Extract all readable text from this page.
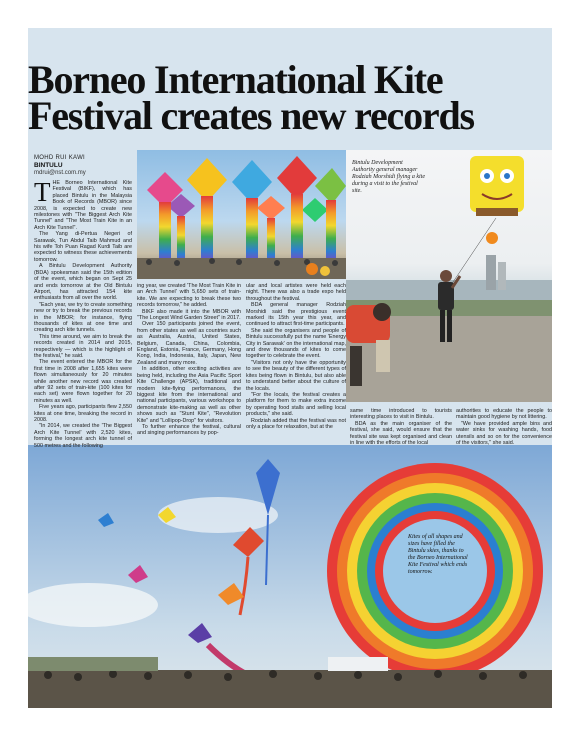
Borneo International Kite
Festival creates new records
MOHD RUI KAWI
BINTULU
mdrui@nst.com.my

THE Borneo International Kite Festival (BIKF), which has placed Bintulu in the Malaysia Book of Records (MBOR) since 2008, is expected to create new milestones with "The Biggest Arch Kite Tunnel" and "The Most Train Kite in an Arch Kite Tunnel".

The Yang di-Pertua Negeri of Sarawak, Tun Abdul Taib Mahmud and his wife Toh Puan Ragad Kurdi Taib are expected to witness these achievements tomorrow.

A Bintulu Development Authority (BDA) spokesman said the 15th edition of the event, which began on Sept 25 and ends tomorrow at the Old Bintulu Airport, has attracted 154 kite enthusiasts from all over the world.

"Each year, we try to create something new or try to break the previous records in the MBOR; for instance, flying thousands of kites at one time and creating arch kite tunnels.

This time around, we aim to break the records created in 2014 and 2015, respectively — which is the highlight of the festival," he said.

The event entered the MBOR for the first time in 2008 after 1,655 kites were flown simultaneously for 20 minutes while another new record was created after 92 sets of train-kite (100 kites for each set) were flown together for 20 minutes as well.

Five years ago, participants flew 2,550 kites at one time, breaking the record in 2008.

"In 2014, we created the 'The Biggest Arch Kite Tunnel' with 2,520 kites, forming the longest arch kite tunnel of 500 metres and the following

ing year, we created 'The Most Train Kite in an Arch Tunnel' with 5,650 sets of train-kite. We are expecting to break these two records tomorrow," he added.

BIKF also made it into the MBOR with "The Longest Wind Garden Street" in 2017.

Over 150 participants joined the event, from other states as well as countries such as Australia, Austria, United States, Belgium, Canada, China, Colombia, England, Estonia, France, Germany, Hong Kong, India, Indonesia, Italy, Japan, New Zealand and many more.

In addition, other exciting activities are being held, including the Asia Pacific Sport Kite Challenge (APSK), traditional and modern kite-flying performances, the biggest kite from the international and national participants, various workshops to demonstrate kite-making as well as other shows such as "Stunt Kite", "Revolution Kite" and "Lollipop-Drop" for visitors.

To further enhance the festival, cultural and singing performances by pop-

ular and local artistes were held each night. There was also a trade expo held throughout the festival.

BDA general manager Rodziah Morshidi said the prestigious event marked its 15th year this year, and continued to attract first-time participants.

She said the organisers and people of Bintulu successfully put the name 'Energy City in Sarawak' on the international map, and drew thousands of kites to come together to celebrate the event.

"Visitors not only have the opportunity to see the beauty of the different types of kites being flown in Bintulu, but also able to understand better about the culture of the locals.

"For the locals, the festival creates a platform for them to make extra income by operating food stalls and selling local products," she said.

Rodziah added that the festival was not only a place for relaxation, but at the

same time introduced to tourists interesting places to visit in Bintulu.

BDA as the main organiser of the festival, she said, would ensure that the festival site was kept organised and clean in line with the efforts of the local

authorities to educate the people to maintain good hygiene by not littering.

"We have provided ample bins and water sinks for washing hands, food utensils and so on for the convenience of the visitors," she said.

Bintulu Development Authority general manager Rodziah Morshidi flying a kite during a visit to the festival site.
Kites of all shapes and sizes have filled the Bintulu skies, thanks to the Borneo International Kite Festival which ends tomorrow.
